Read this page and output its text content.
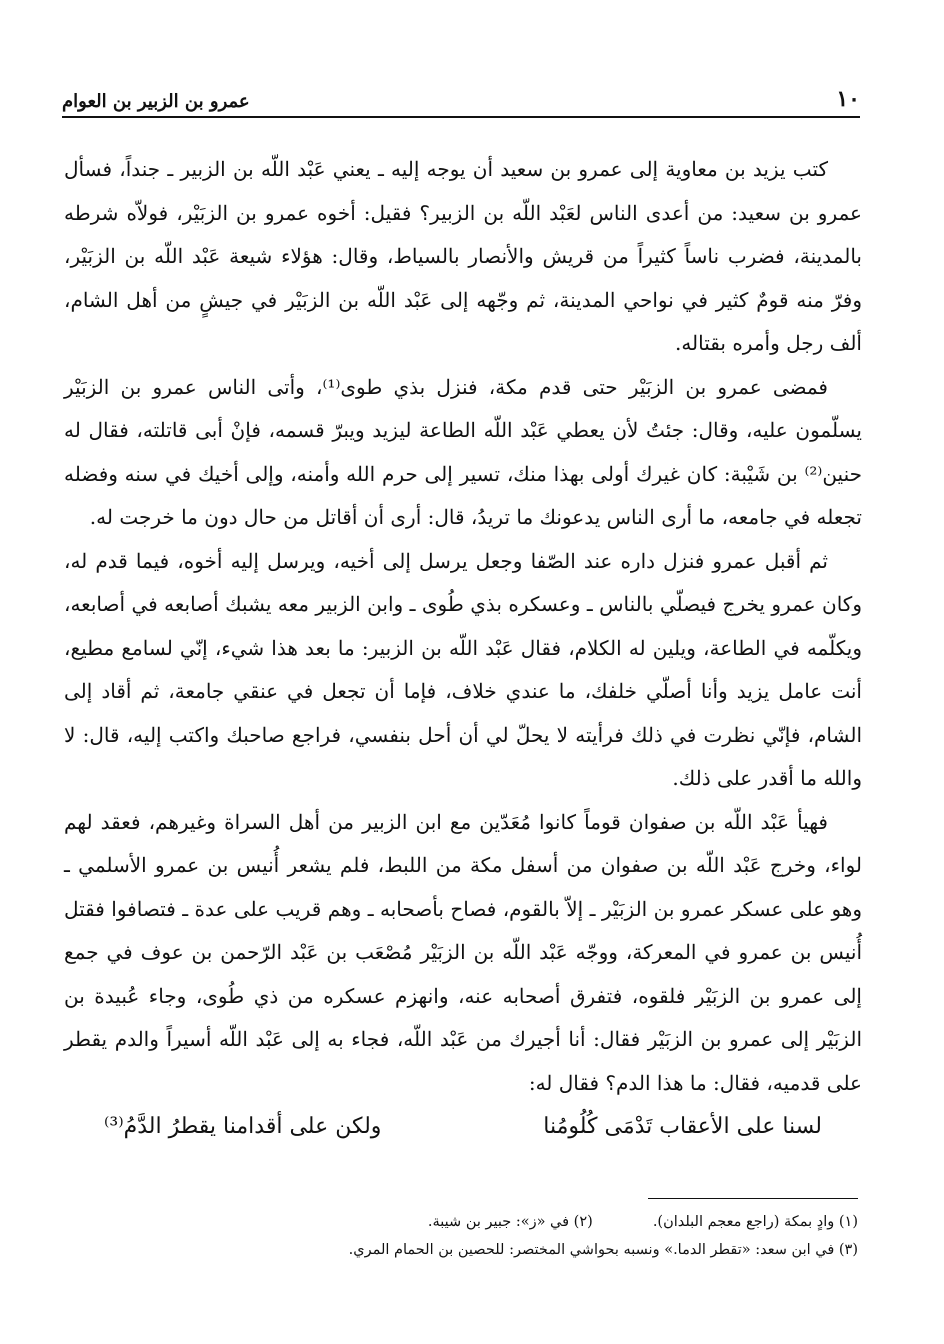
١٠
عمرو بن الزبير بن العوام

كتب يزيد بن معاوية إلى عمرو بن سعيد أن يوجه إليه ـ يعني عَبْد اللّه بن الزبير ـ جنداً، فسأل عمرو بن سعيد: من أعدى الناس لعَبْد اللّه بن الزبير؟ فقيل: أخوه عمرو بن الزبَيْر، فولاّه شرطه بالمدينة، فضرب ناساً كثيراً من قريش والأنصار بالسياط، وقال: هؤلاء شيعة عَبْد اللّه بن الزبَيْر، وفرّ منه قومٌ كثير في نواحي المدينة، ثم وجّهه إلى عَبْد اللّه بن الزبَيْر في جيشٍ من أهل الشام، ألف رجل وأمره بقتاله.

فمضى عمرو بن الزبَيْر حتى قدم مكة، فنزل بذي طوى⁽¹⁾، وأتى الناس عمرو بن الزبَيْر يسلّمون عليه، وقال: جئتُ لأن يعطي عَبْد اللّه الطاعة ليزيد ويبرّ قسمه، فإنْ أبى قاتلته، فقال له حنين⁽²⁾ بن شَيْبة: كان غيرك أولى بهذا منك، تسير إلى حرم الله وأمنه، وإلى أخيك في سنه وفضله تجعله في جامعه، ما أرى الناس يدعونك ما تريدُ، قال: أرى أن أقاتل من حال دون ما خرجت له.

ثم أقبل عمرو فنزل داره عند الصّفا وجعل يرسل إلى أخيه، ويرسل إليه أخوه، فيما قدم له، وكان عمرو يخرج فيصلّي بالناس ـ وعسكره بذي طُوى ـ وابن الزبير معه يشبك أصابعه في أصابعه، ويكلّمه في الطاعة، ويلين له الكلام، فقال عَبْد اللّه بن الزبير: ما بعد هذا شيء، إنّي لسامع مطيع، أنت عامل يزيد وأنا أصلّي خلفك، ما عندي خلاف، فإما أن تجعل في عنقي جامعة، ثم أقاد إلى الشام، فإنّي نظرت في ذلك فرأيته لا يحلّ لي أن أحل بنفسي، فراجع صاحبك واكتب إليه، قال: لا والله ما أقدر على ذلك.

فهيأ عَبْد اللّه بن صفوان قوماً كانوا مُعَدّين مع ابن الزبير من أهل السراة وغيرهم، فعقد لهم لواء، وخرج عَبْد اللّه بن صفوان من أسفل مكة من اللبط، فلم يشعر أُنيس بن عمرو الأسلمي ـ وهو على عسكر عمرو بن الزبَيْر ـ إلاّ بالقوم، فصاح بأصحابه ـ وهم قريب على عدة ـ فتصافوا فقتل أُنيس بن عمرو في المعركة، ووجّه عَبْد اللّه بن الزبَيْر مُصْعَب بن عَبْد الرّحمن بن عوف في جمع إلى عمرو بن الزبَيْر فلقوه، فتفرق أصحابه عنه، وانهزم عسكره من ذي طُوى، وجاء عُبيدة بن الزبَيْر إلى عمرو بن الزبَيْر فقال: أنا أجيرك من عَبْد اللّه، فجاء به إلى عَبْد اللّه أسيراً والدم يقطر على قدميه، فقال: ما هذا الدم؟ فقال له:

لسنا على الأعقاب تَدْمَى كُلُومُنا
ولكن على أقدامنا يقطرُ الدَّمُ⁽³⁾
(١) وادٍ بمكة (راجع معجم البلدان).
(٢) في «ز»: جبير بن شيبة.
(٣) في ابن سعد: «تقطر الدما.» ونسبه بحواشي المختصر: للحصين بن الحمام المري.
